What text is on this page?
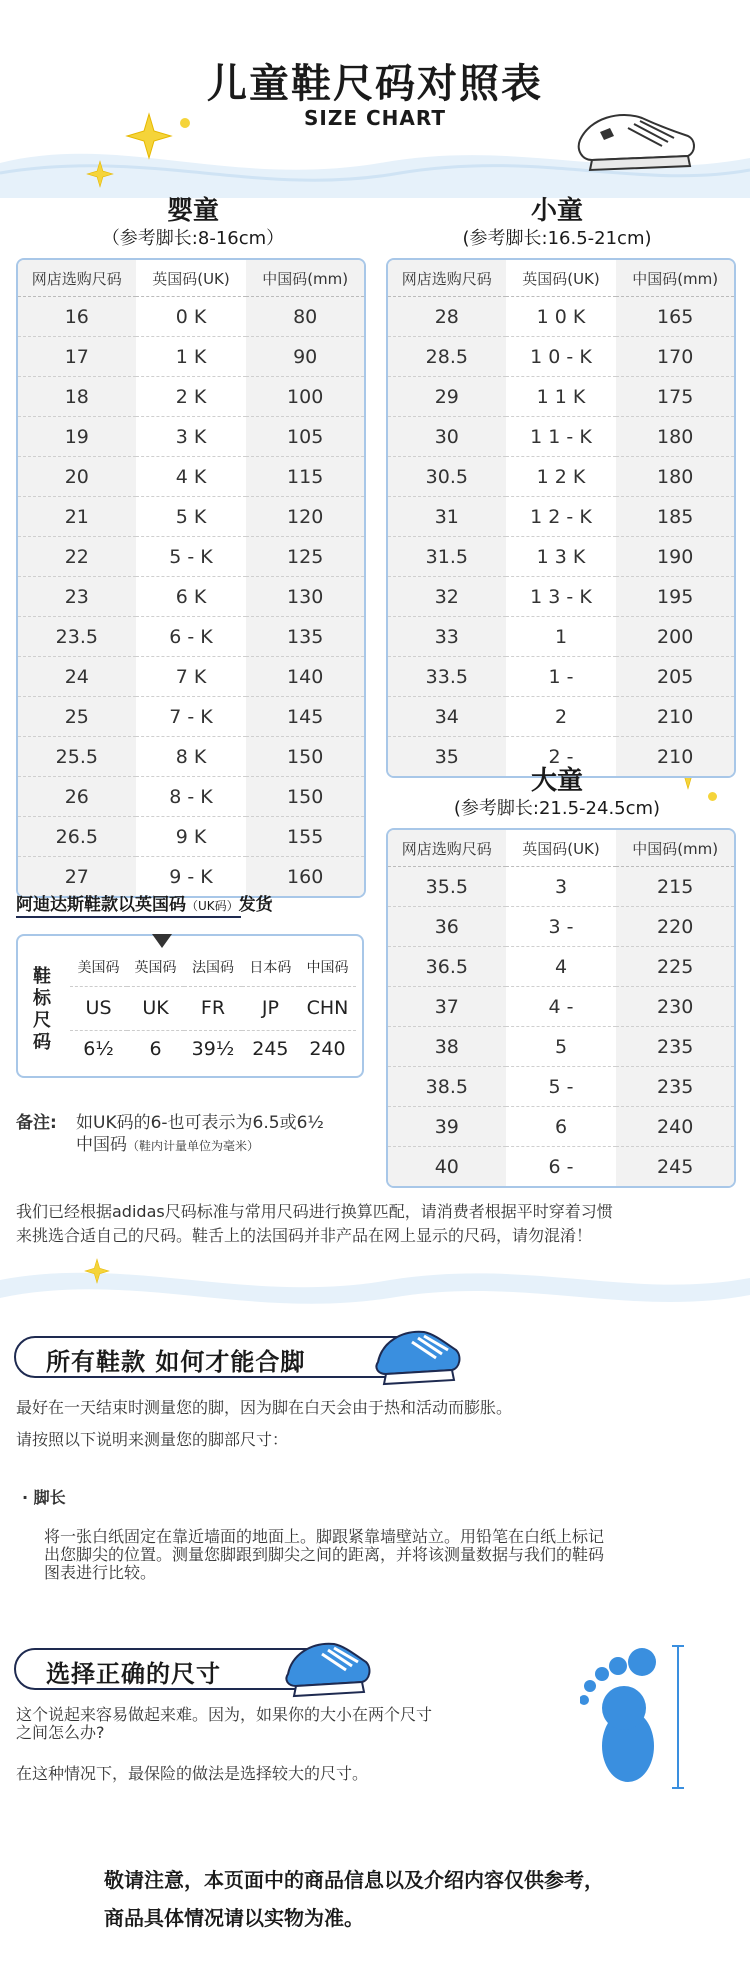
儿童鞋尺码对照表
SIZE CHART
婴童
（参考脚长:8-16cm）
网店选购尺码	英国码(UK)	中国码(mm)
16	0 K	80
17	1 K	90
18	2 K	100
19	3 K	105
20	4 K	115
21	5 K	120
22	5 - K	125
23	6 K	130
23.5	6 - K	135
24	7 K	140
25	7 - K	145
25.5	8 K	150
26	8 - K	150
26.5	9 K	155
27	9 - K	160
小童
(参考脚长:16.5-21cm)
网店选购尺码	英国码(UK)	中国码(mm)
28	1 0 K	165
28.5	1 0 - K	170
29	1 1 K	175
30	1 1 - K	180
30.5	1 2 K	180
31	1 2 - K	185
31.5	1 3 K	190
32	1 3 - K	195
33	1	200
33.5	1 -	205
34	2	210
35	2 -	210
大童
(参考脚长:21.5-24.5cm)
网店选购尺码	英国码(UK)	中国码(mm)
35.5	3	215
36	3 -	220
36.5	4	225
37	4 -	230
38	5	235
38.5	5 -	235
39	6	240
40	6 -	245
阿迪达斯鞋款以英国码（UK码）发货
鞋
标
尺
码
美国码	英国码	法国码	日本码	中国码
US	UK	FR	JP	CHN
6½	6	39½	245	240
备注: 如UK码的6-也可表示为6.5或6½
中国码（鞋内计量单位为毫米）
我们已经根据adidas尺码标准与常用尺码进行换算匹配，请消费者根据平时穿着习惯
来挑选合适自己的尺码。鞋舌上的法国码并非产品在网上显示的尺码，请勿混淆！
所有鞋款 如何才能合脚
最好在一天结束时测量您的脚，因为脚在白天会由于热和活动而膨胀。
请按照以下说明来测量您的脚部尺寸：
· 脚长
将一张白纸固定在靠近墙面的地面上。脚跟紧靠墙壁站立。用铅笔在白纸上标记
出您脚尖的位置。测量您脚跟到脚尖之间的距离，并将该测量数据与我们的鞋码
图表进行比较。
选择正确的尺寸
这个说起来容易做起来难。因为，如果你的大小在两个尺寸
之间怎么办?
在这种情况下，最保险的做法是选择较大的尺寸。
敬请注意，本页面中的商品信息以及介绍内容仅供参考，
商品具体情况请以实物为准。
